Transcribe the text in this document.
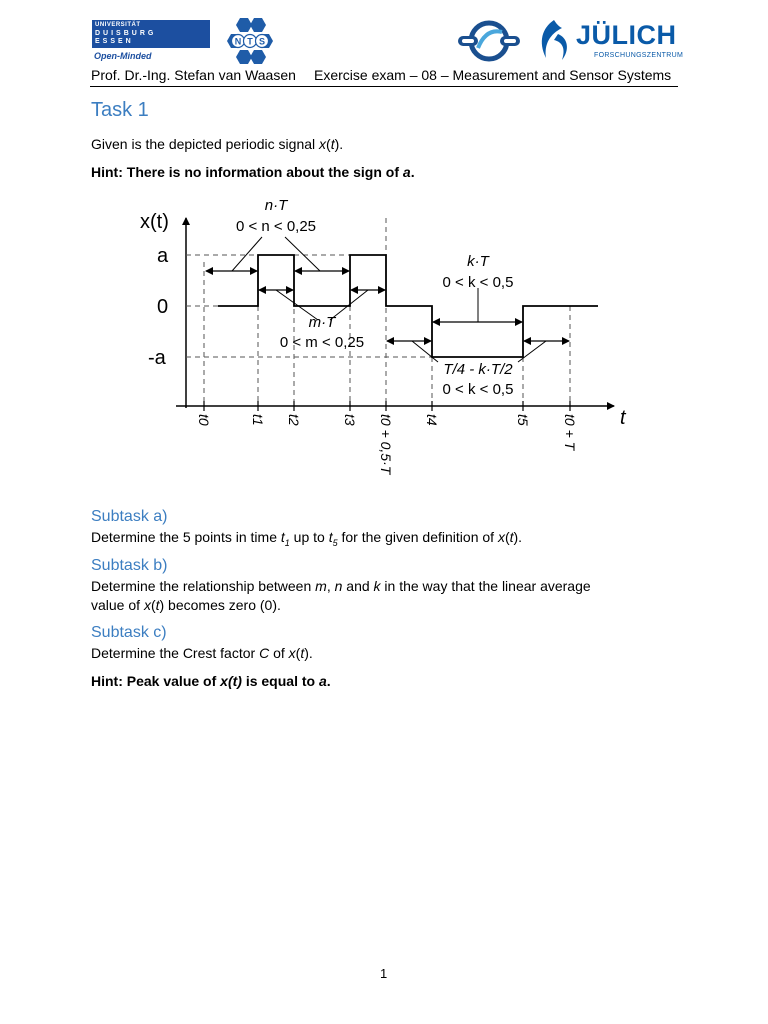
UNIVERSITÄT
DUISBURG
ESSEN
Open-Minded
N T S	JÜLICH
FORSCHUNGSZENTRUM
Prof. Dr.-Ing. Stefan van Waasen Exercise exam – 08 – Measurement and Sensor Systems
Task 1
Given is the depicted periodic signal x(t).
Hint: There is no information about the sign of a.
x(t)
t
a
0
-a
n·T
0 < n < 0,25
k·T
0 < k < 0,5
m·T
0 < m < 0,25
T/4 - k·T/2
0 < k < 0,5
t0	t1 t2	t3 t0 + 0,5·T t4	t5 t0 + T
Subtask a)
Determine the 5 points in time $t_1$ up to $t_5$ for the given definition of x(t).
Subtask b)
Determine the relationship between m, n and k in the way that the linear average
value of x(t) becomes zero (0).
Subtask c)
Determine the Crest factor C of x(t).
Hint: Peak value of x(t) is equal to a.
1
